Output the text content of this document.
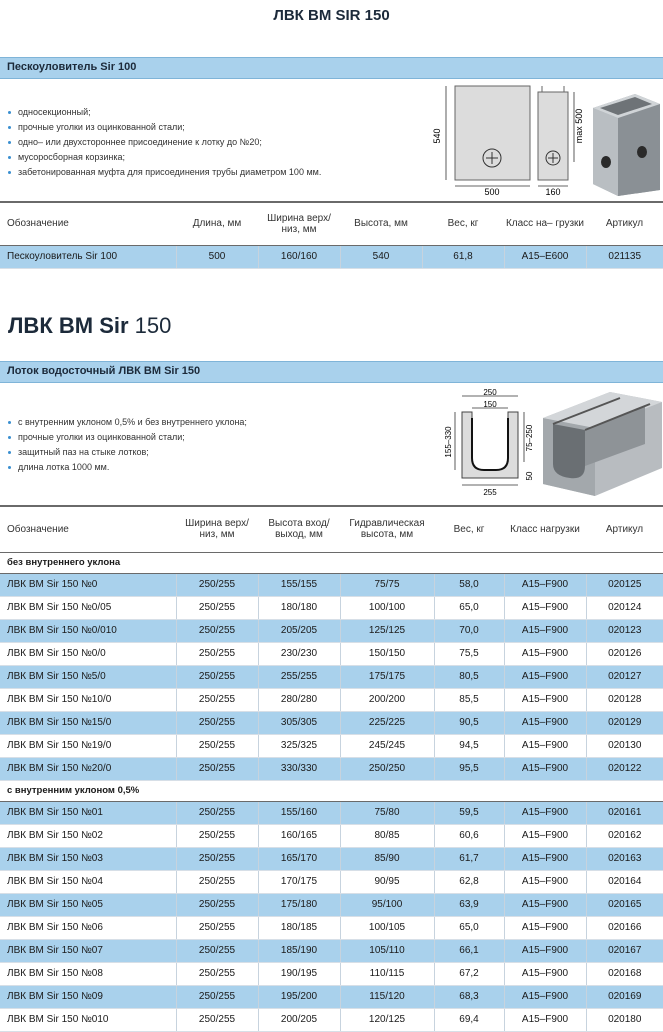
ЛВК ВМ SIR 150
Пескоуловитель Sir 100
односекционный;
прочные уголки из оцинкованной стали;
одно– или двухстороннее присоединение к лотку до №20;
мусоросборная корзинка;
забетонированная муфта для присоединения трубы диаметром 100 мм.
540
500
max 500
160
Обозначение	Длина, мм	Ширина верх/низ, мм	Высота, мм	Вес, кг	Класс на– грузки	Артикул
Пескоуловитель Sir 100	500	160/160	540	61,8	A15–E600	021135
ЛВК ВМ Sir 150
Лоток водосточный ЛВК ВМ Sir 150
с внутренним уклоном 0,5% и без внутреннего уклона;
прочные уголки из оцинкованной стали;
защитный паз на стыке лотков;
длина лотка 1000 мм.
250
150
255
155–330	75–250
50
Обозначение	Ширина верх/низ, мм	Высота вход/выход, мм	Гидравлическая высота, мм	Вес, кг	Класс нагрузки	Артикул
без внутреннего уклона						
ЛВК ВМ Sir 150 №0	250/255	155/155	75/75	58,0	A15–F900	020125
ЛВК ВМ Sir 150 №0/05	250/255	180/180	100/100	65,0	A15–F900	020124
ЛВК ВМ Sir 150 №0/010	250/255	205/205	125/125	70,0	A15–F900	020123
ЛВК ВМ Sir 150 №0/0	250/255	230/230	150/150	75,5	A15–F900	020126
ЛВК ВМ Sir 150 №5/0	250/255	255/255	175/175	80,5	A15–F900	020127
ЛВК ВМ Sir 150 №10/0	250/255	280/280	200/200	85,5	A15–F900	020128
ЛВК ВМ Sir 150 №15/0	250/255	305/305	225/225	90,5	A15–F900	020129
ЛВК ВМ Sir 150 №19/0	250/255	325/325	245/245	94,5	A15–F900	020130
ЛВК ВМ Sir 150 №20/0	250/255	330/330	250/250	95,5	A15–F900	020122
с внутренним уклоном 0,5%						
ЛВК ВМ Sir 150 №01	250/255	155/160	75/80	59,5	A15–F900	020161
ЛВК ВМ Sir 150 №02	250/255	160/165	80/85	60,6	A15–F900	020162
ЛВК ВМ Sir 150 №03	250/255	165/170	85/90	61,7	A15–F900	020163
ЛВК ВМ Sir 150 №04	250/255	170/175	90/95	62,8	A15–F900	020164
ЛВК ВМ Sir 150 №05	250/255	175/180	95/100	63,9	A15–F900	020165
ЛВК ВМ Sir 150 №06	250/255	180/185	100/105	65,0	A15–F900	020166
ЛВК ВМ Sir 150 №07	250/255	185/190	105/110	66,1	A15–F900	020167
ЛВК ВМ Sir 150 №08	250/255	190/195	110/115	67,2	A15–F900	020168
ЛВК ВМ Sir 150 №09	250/255	195/200	115/120	68,3	A15–F900	020169
ЛВК ВМ Sir 150 №010	250/255	200/205	120/125	69,4	A15–F900	020180
